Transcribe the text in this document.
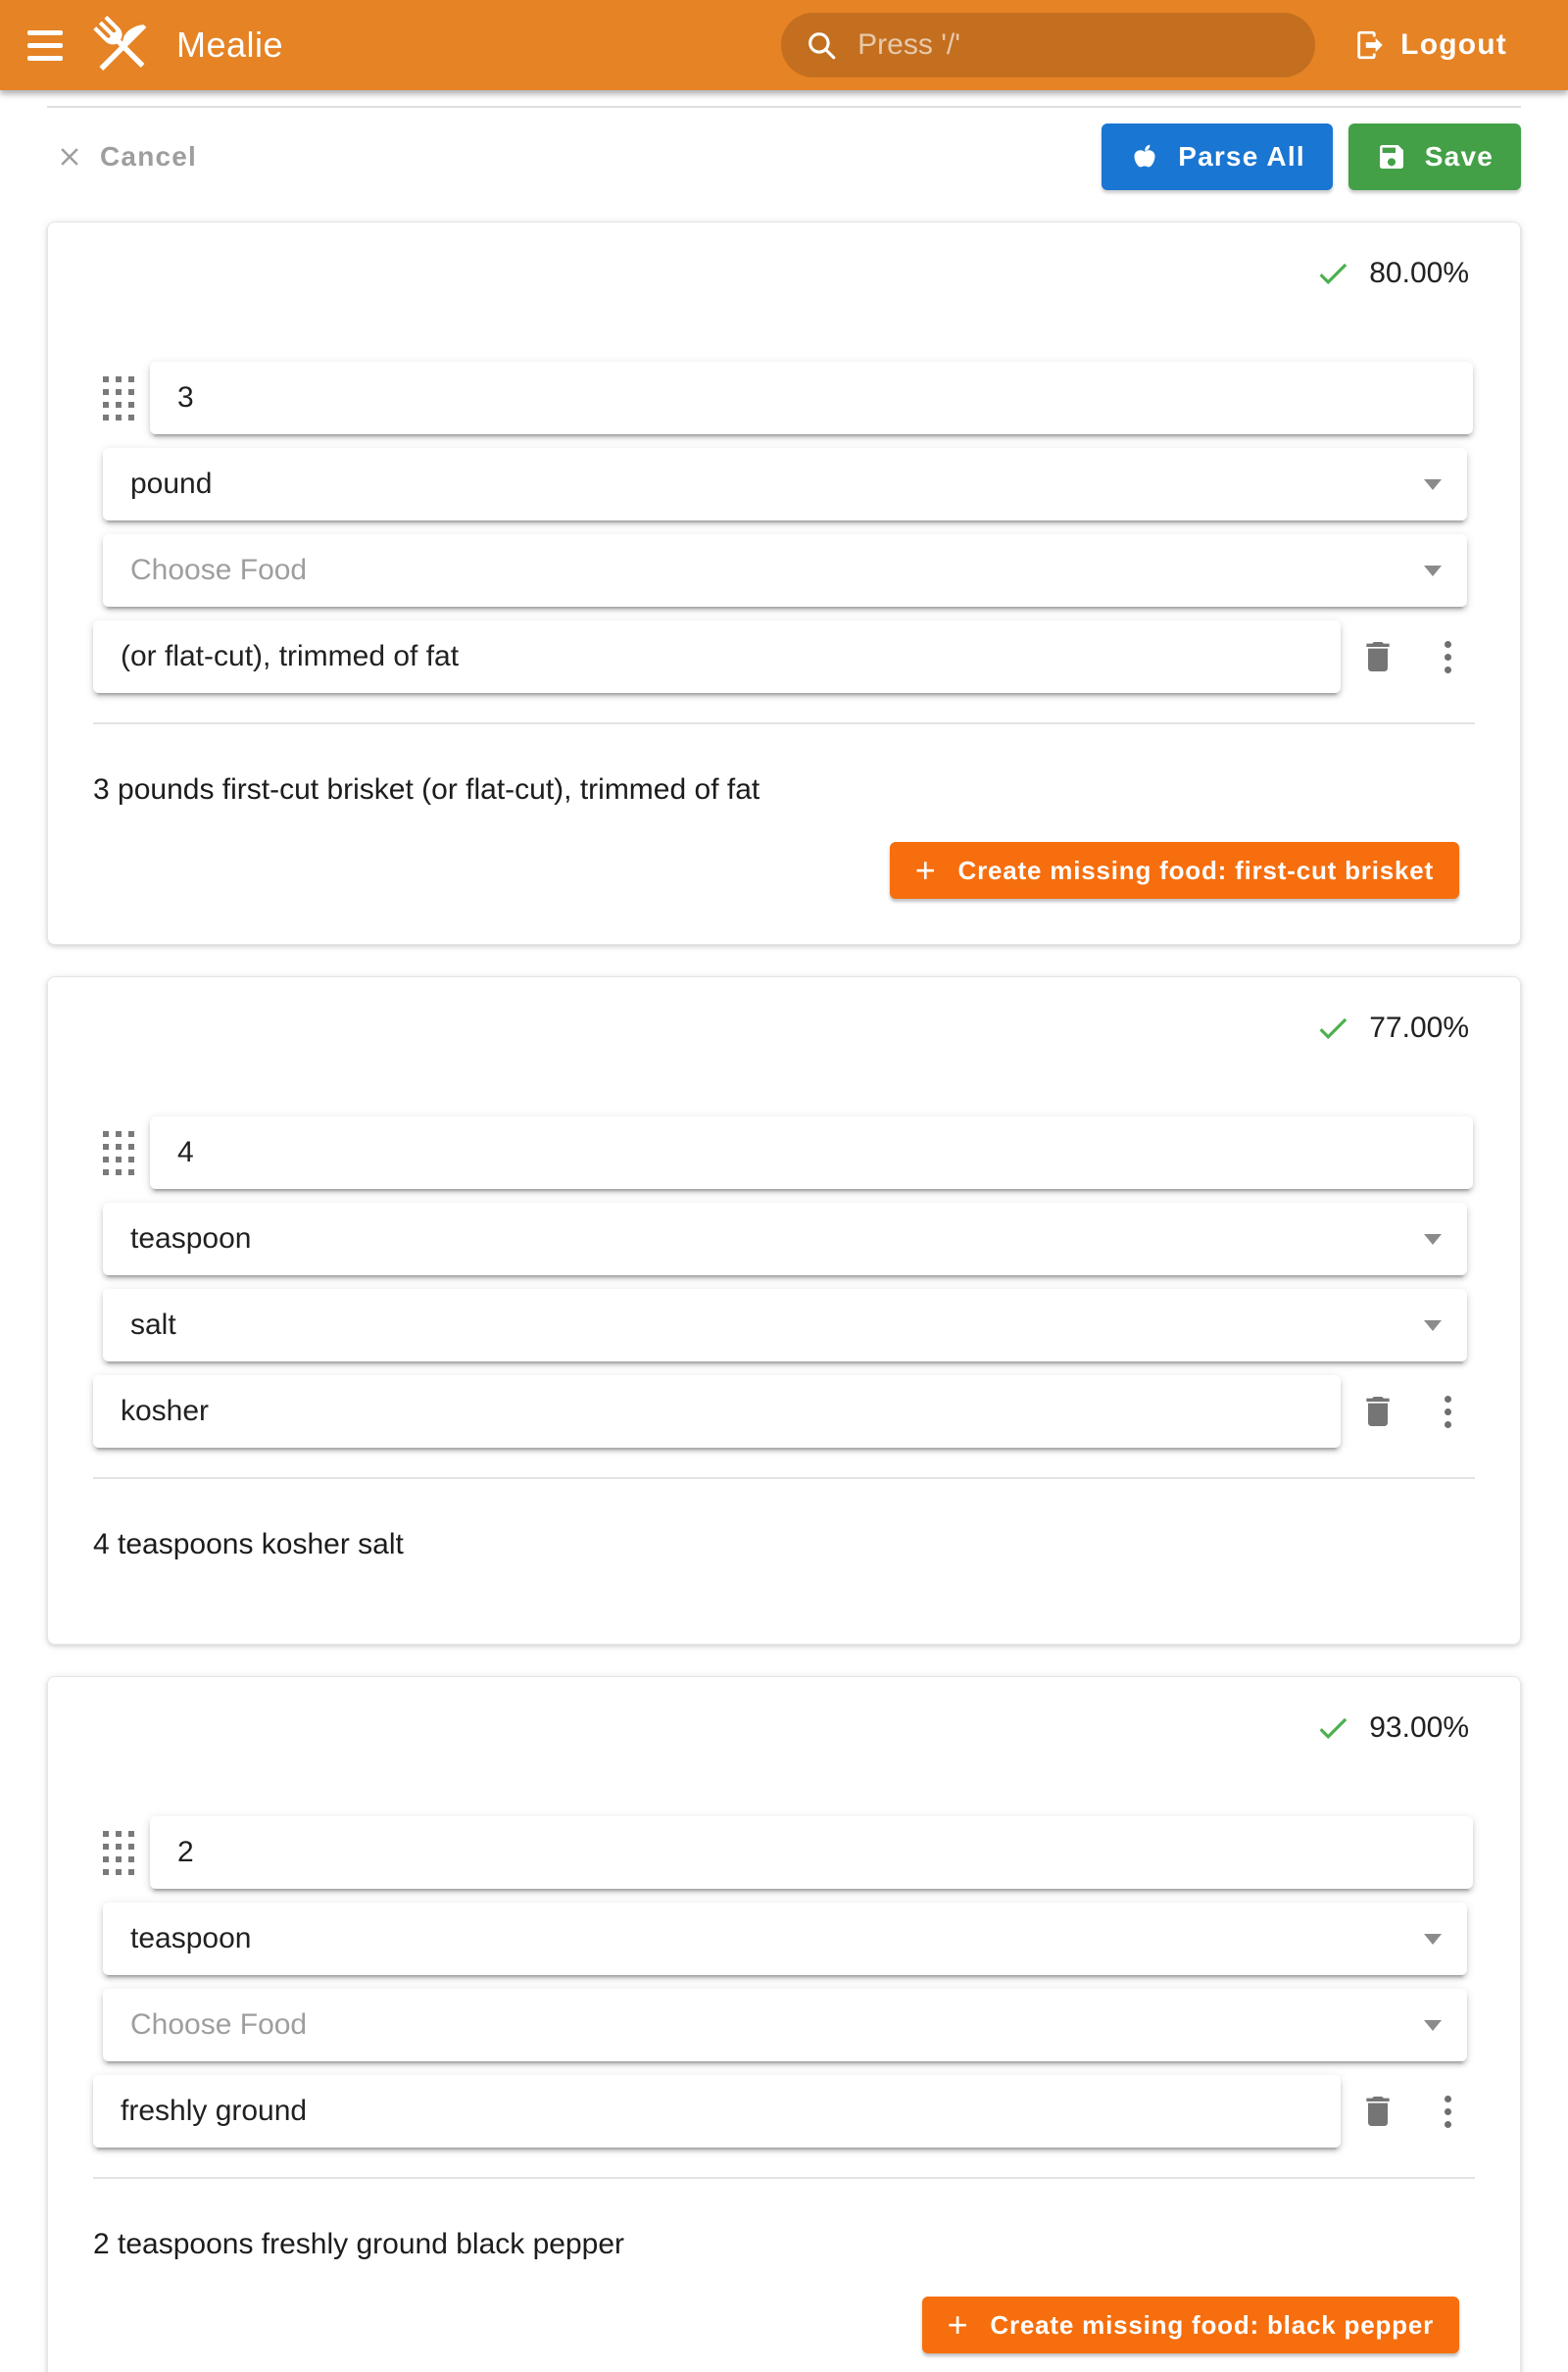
Mealie
Press '/'	Logout
Cancel	Parse All	Save
80.00%
3
pound
Choose Food
(or flat-cut), trimmed of fat

3 pounds first-cut brisket (or flat-cut), trimmed of fat

+ Create missing food: first-cut brisket
77.00%
4
teaspoon
salt
kosher

4 teaspoons kosher salt

93.00%
2
teaspoon
Choose Food
freshly ground

2 teaspoons freshly ground black pepper

+ Create missing food: black pepper
